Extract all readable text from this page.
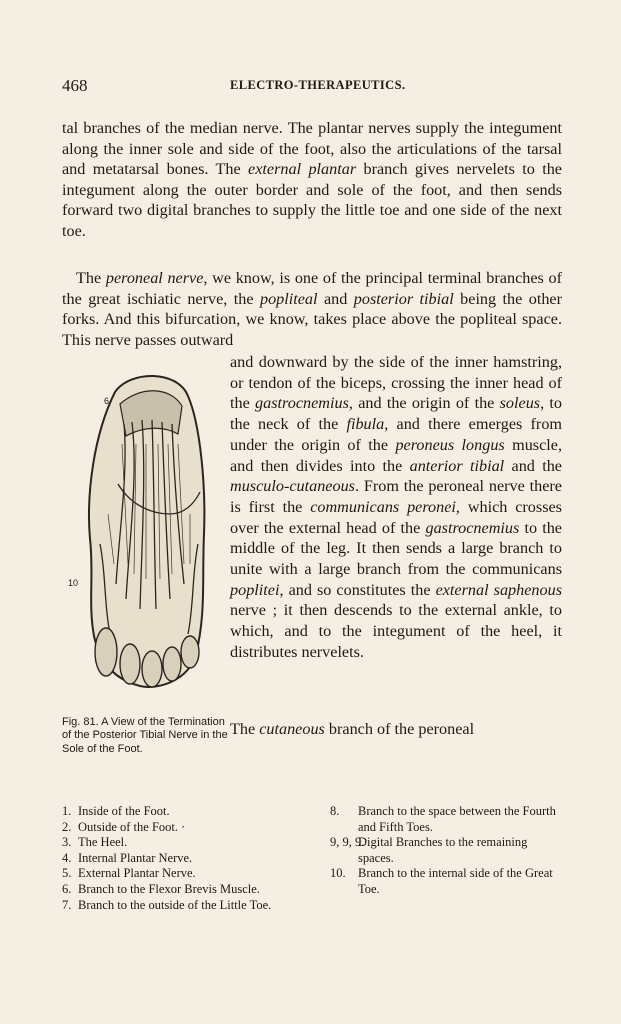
468	ELECTRO-THERAPEUTICS.

tal branches of the median nerve. The plantar nerves supply the integument along the inner sole and side of the foot, also the articulations of the tarsal and metatarsal bones. The external plantar branch gives nervelets to the integument along the outer border and sole of the foot, and then sends forward two digital branches to supply the little toe and one side of the next toe.

The peroneal nerve, we know, is one of the principal terminal branches of the great ischiatic nerve, the popliteal and posterior tibial being the other forks. And this bifurcation, we know, takes place above the popliteal space. This nerve passes outward

6
10
Fig. 81. A View of the Termination of the Posterior Tibial Nerve in the Sole of the Foot.

and downward by the side of the inner hamstring, or tendon of the biceps, crossing the inner head of the gastrocnemius, and the origin of the soleus, to the neck of the fibula, and there emerges from under the origin of the peroneus longus muscle, and then divides into the anterior tibial and the musculo-cutaneous. From the peroneal nerve there is first the communicans peronei, which crosses over the external head of the gastrocnemius to the middle of the leg. It then sends a large branch to unite with a large branch from the communicans poplitei, and so constitutes the external saphenous nerve ; it then descends to the external ankle, to which, and to the integument of the heel, it distributes nervelets.

The cutaneous branch of the peroneal

1. Inside of the Foot.
2. Outside of the Foot. ·
3. The Heel.
4. Internal Plantar Nerve.
5. External Plantar Nerve.
6. Branch to the Flexor Brevis Muscle.
7. Branch to the outside of the Little Toe.
8. Branch to the space between the Fourth and Fifth Toes.
9, 9, 9.
Digital Branches to the remaining spaces.
10. Branch to the internal side of the Great Toe.
